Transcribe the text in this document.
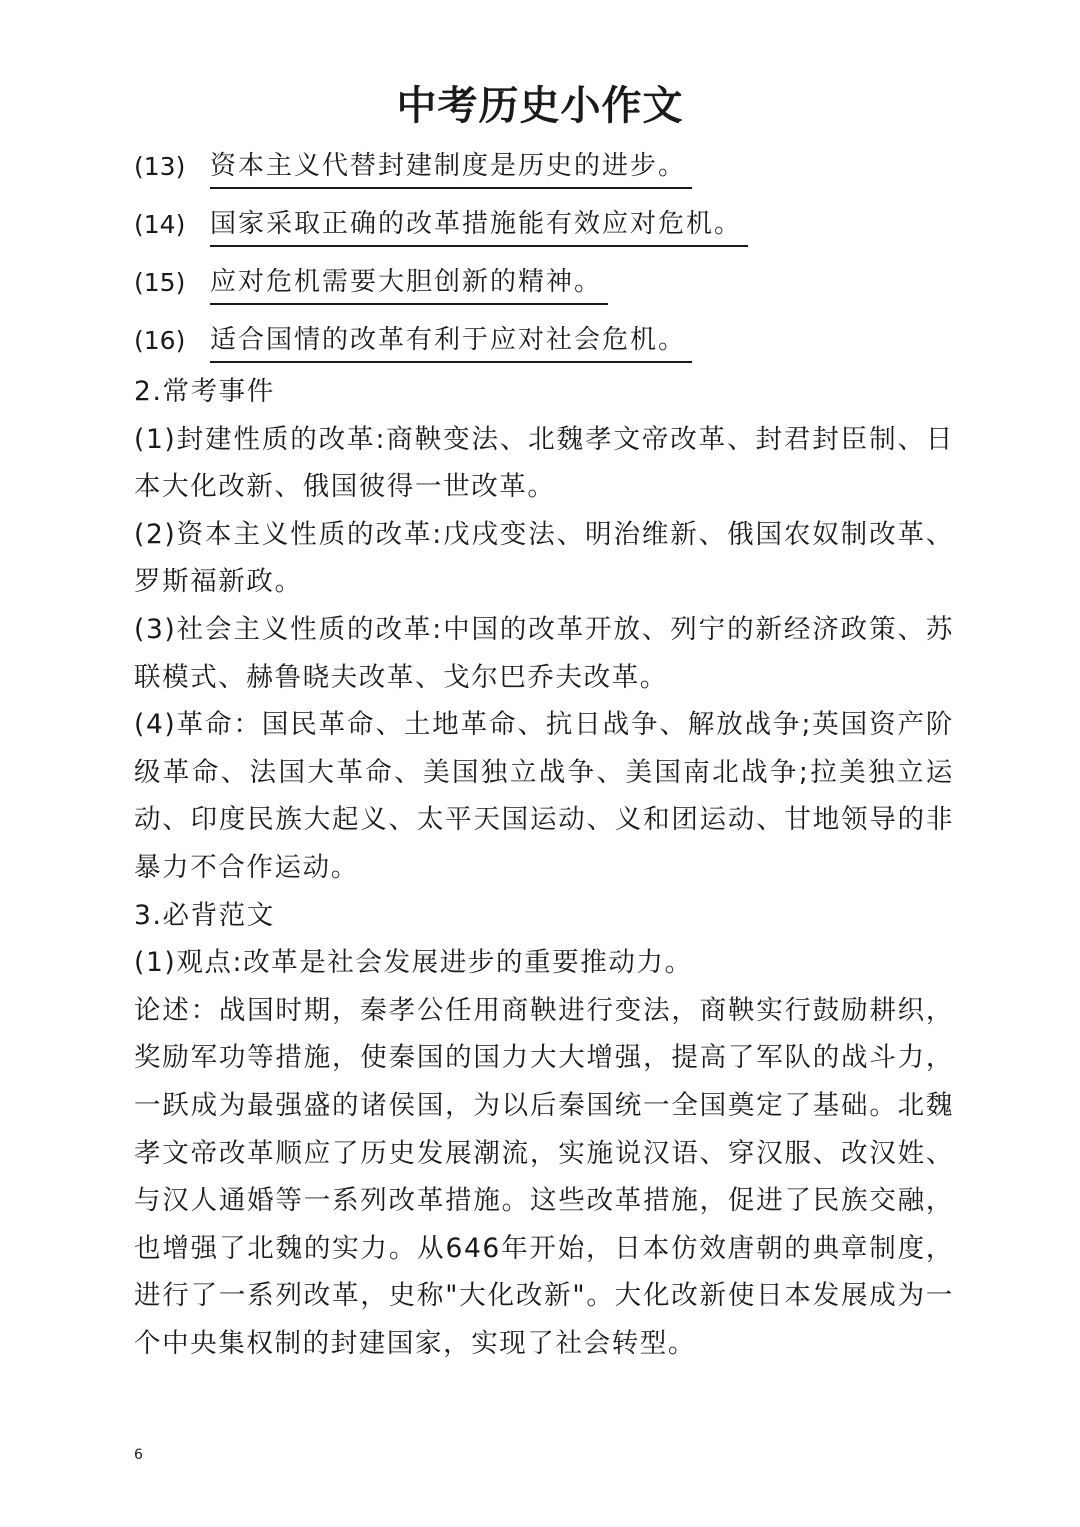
中考历史小作文
(13) 资本主义代替封建制度是历史的进步。
(14) 国家采取正确的改革措施能有效应对危机。
(15) 应对危机需要大胆创新的精神。
(16) 适合国情的改革有利于应对社会危机。

2.常考事件

(1)封建性质的改革:商鞅变法、北魏孝文帝改革、封君封臣制、日本大化改新、俄国彼得一世改革。

(2)资本主义性质的改革:戊戌变法、明治维新、俄国农奴制改革、罗斯福新政。

(3)社会主义性质的改革:中国的改革开放、列宁的新经济政策、苏联模式、赫鲁晓夫改革、戈尔巴乔夫改革。

(4)革命：国民革命、土地革命、抗日战争、解放战争;英国资产阶级革命、法国大革命、美国独立战争、美国南北战争;拉美独立运动、印度民族大起义、太平天国运动、义和团运动、甘地领导的非暴力不合作运动。

3.必背范文

(1)观点:改革是社会发展进步的重要推动力。

论述：战国时期，秦孝公任用商鞅进行变法，商鞅实行鼓励耕织，奖励军功等措施，使秦国的国力大大增强，提高了军队的战斗力，一跃成为最强盛的诸侯国，为以后秦国统一全国奠定了基础。北魏孝文帝改革顺应了历史发展潮流，实施说汉语、穿汉服、改汉姓、与汉人通婚等一系列改革措施。这些改革措施，促进了民族交融，也增强了北魏的实力。从646年开始，日本仿效唐朝的典章制度，进行了一系列改革，史称"大化改新"。大化改新使日本发展成为一个中央集权制的封建国家，实现了社会转型。

6
